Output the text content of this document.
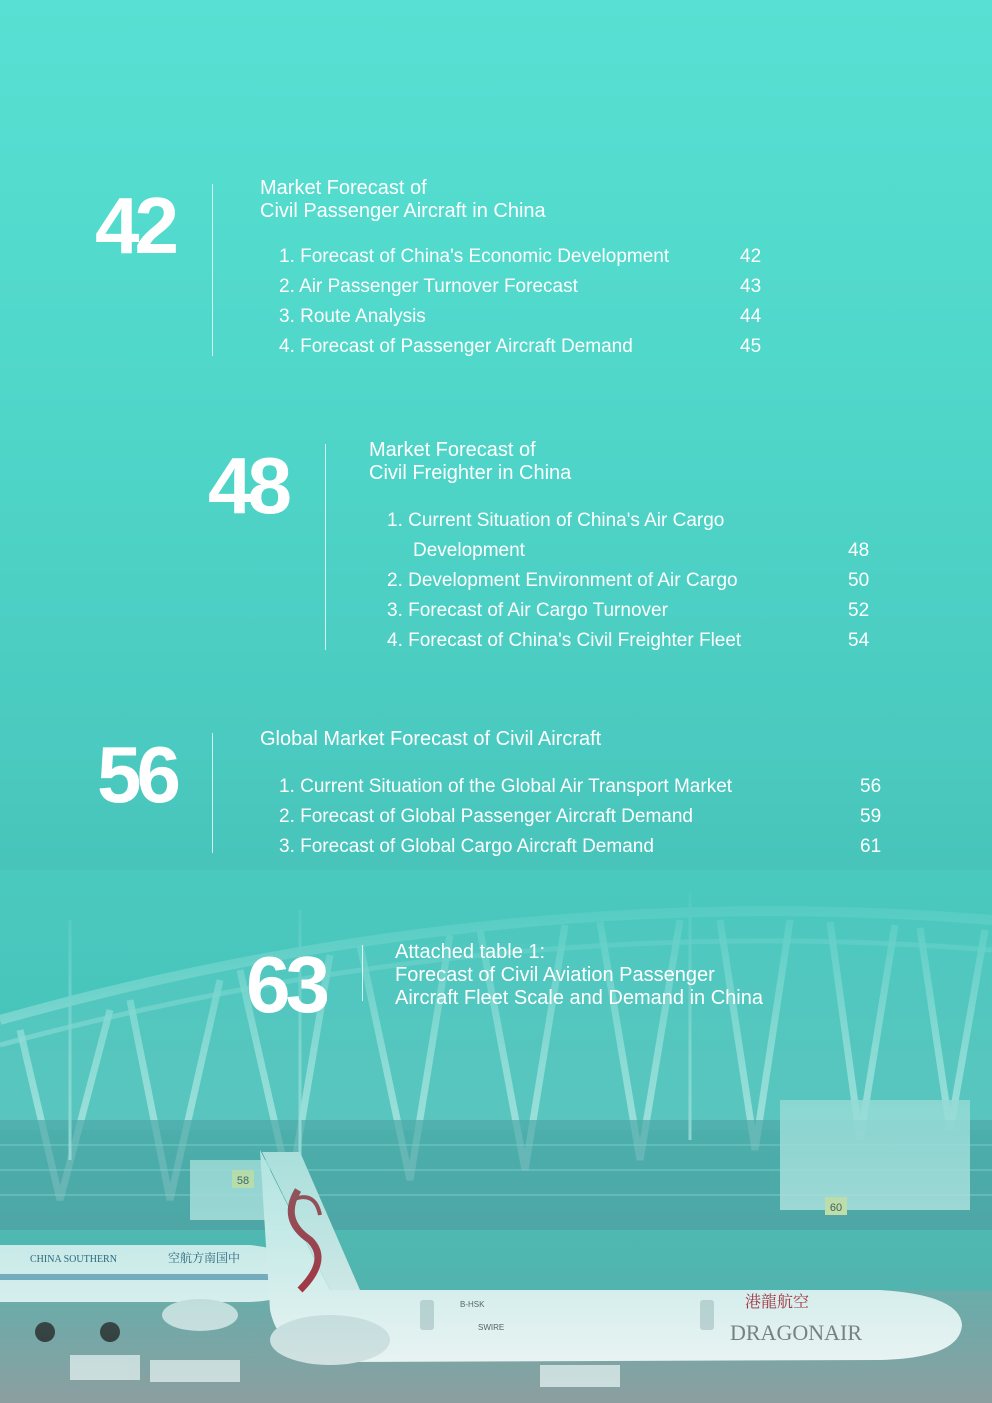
42	Market Forecast of
Civil Passenger Aircraft in China
1. Forecast of China's Economic Development	42
2. Air Passenger Turnover Forecast	43
3. Route Analysis	44
4. Forecast of Passenger Aircraft Demand	45
48	Market Forecast of
Civil Freighter in China
1. Current Situation of China's Air Cargo
Development	48
2. Development Environment of Air Cargo	50
3. Forecast of Air Cargo Turnover	52
4. Forecast of China's Civil Freighter Fleet	54
56	Global Market Forecast of Civil Aircraft
1. Current Situation of the Global Air Transport Market	56
2. Forecast of Global Passenger Aircraft Demand	59
3. Forecast of Global Cargo Aircraft Demand	61
63	Attached table 1:
Forecast of Civil Aviation Passenger
Aircraft Fleet Scale and Demand in China
